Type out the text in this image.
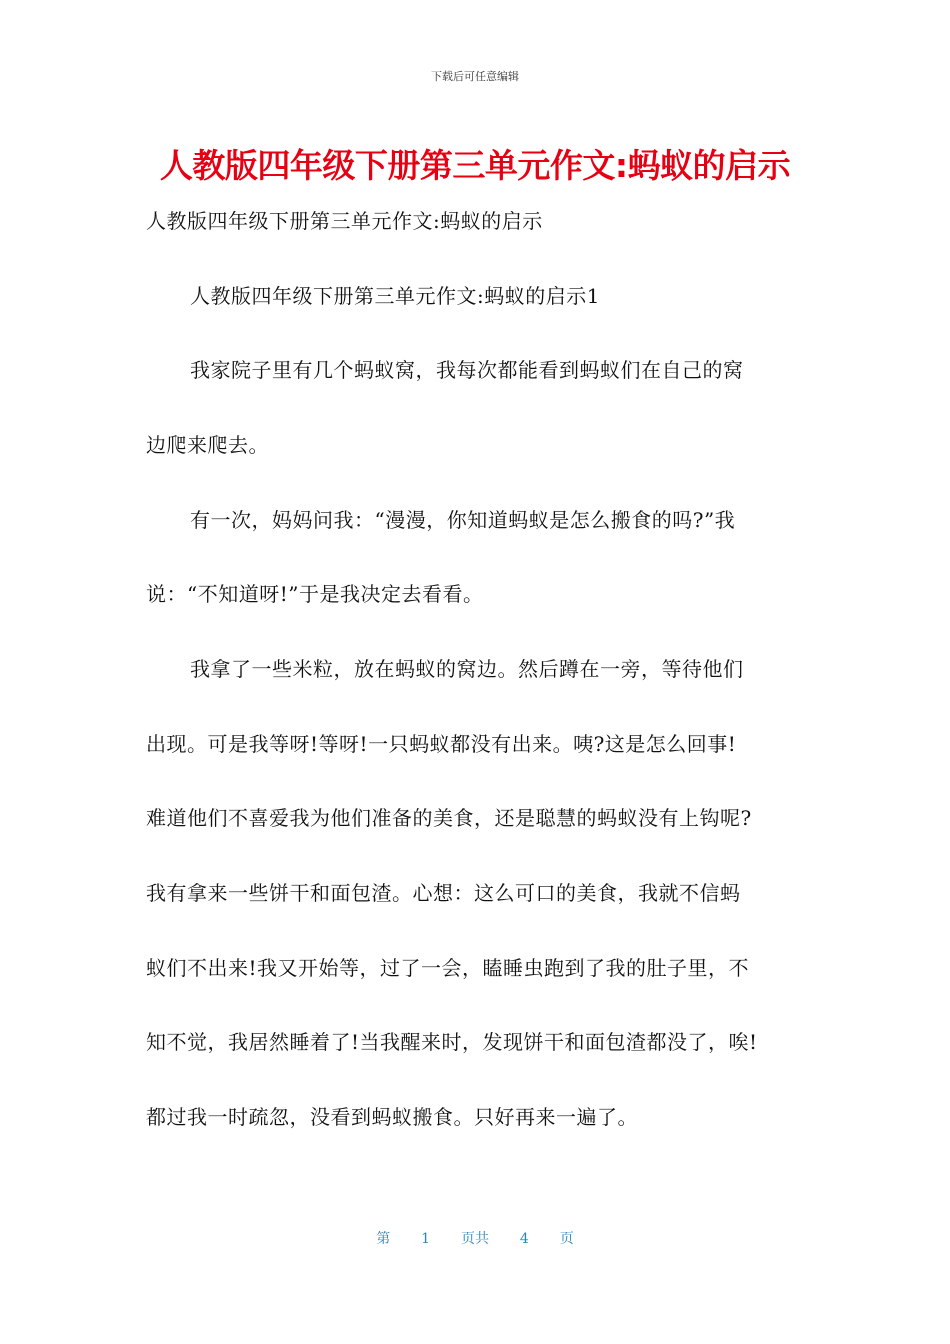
下载后可任意编辑
人教版四年级下册第三单元作文:蚂蚁的启示
人教版四年级下册第三单元作文:蚂蚁的启示
人教版四年级下册第三单元作文:蚂蚁的启示1
我家院子里有几个蚂蚁窝，我每次都能看到蚂蚁们在自己的窝
边爬来爬去。
有一次，妈妈问我：“漫漫，你知道蚂蚁是怎么搬食的吗?”我
说：“不知道呀!”于是我决定去看看。
我拿了一些米粒，放在蚂蚁的窝边。然后蹲在一旁，等待他们
出现。可是我等呀!等呀!一只蚂蚁都没有出来。咦?这是怎么回事!
难道他们不喜爱我为他们准备的美食，还是聪慧的蚂蚁没有上钩呢?
我有拿来一些饼干和面包渣。心想：这么可口的美食，我就不信蚂
蚁们不出来!我又开始等，过了一会，瞌睡虫跑到了我的肚子里，不
知不觉，我居然睡着了!当我醒来时，发现饼干和面包渣都没了，唉!
都过我一时疏忽，没看到蚂蚁搬食。只好再来一遍了。
第 1 页共 4 页
